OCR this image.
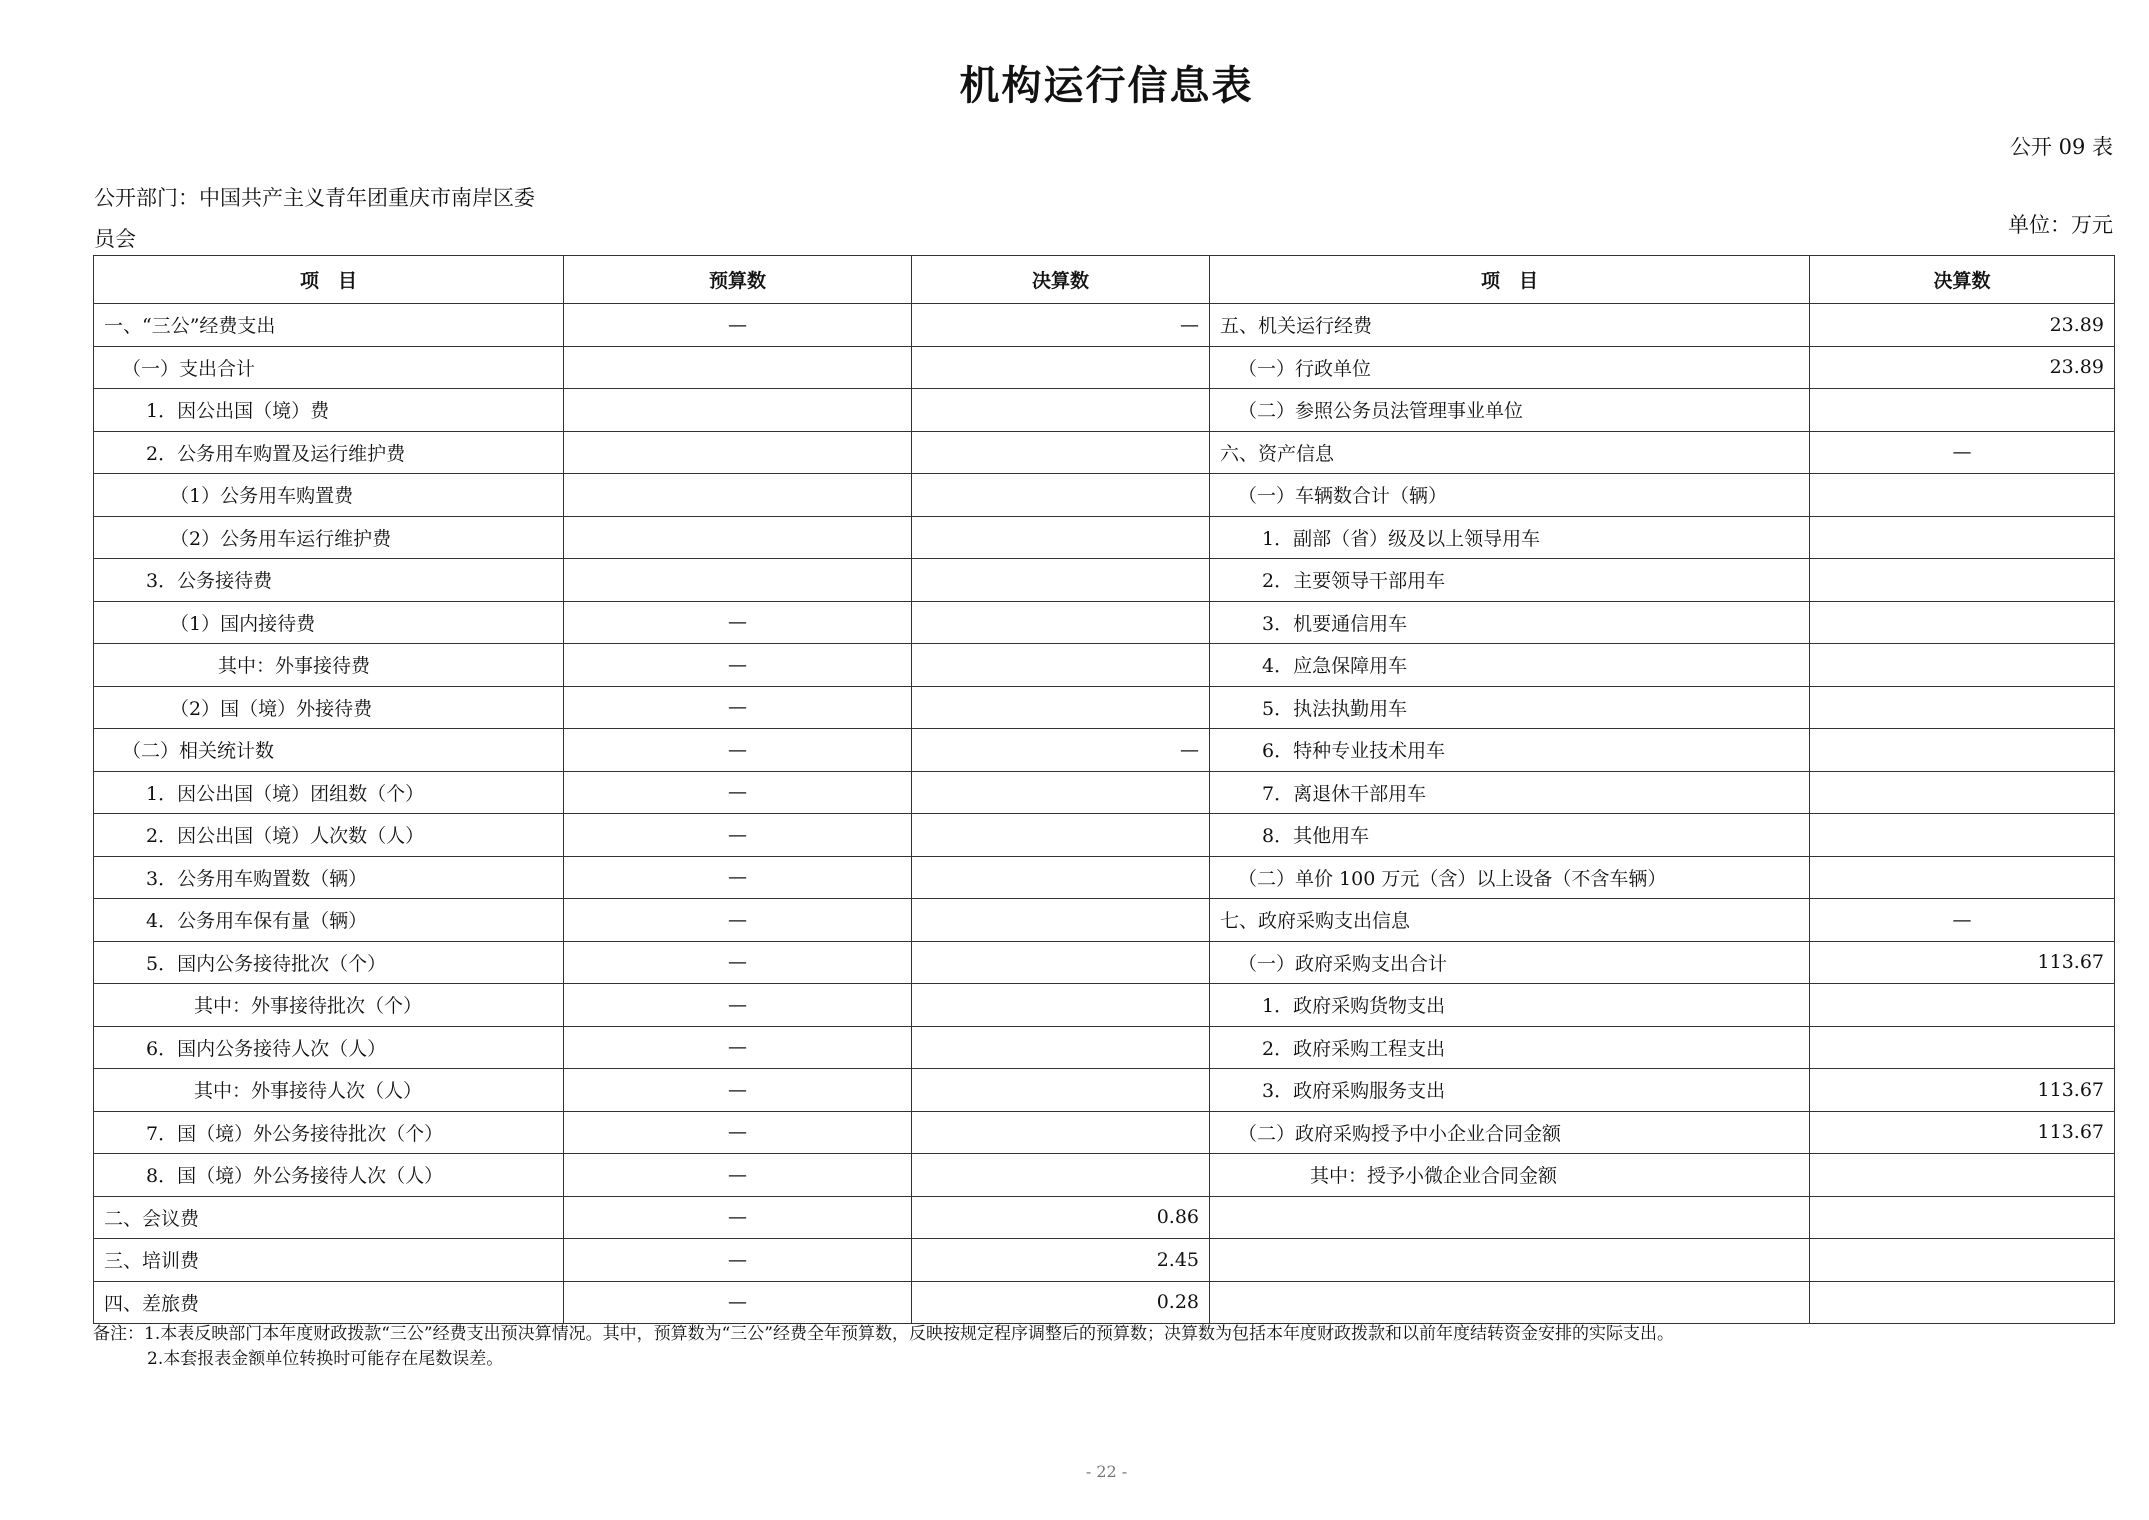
机构运行信息表
公开 09 表
公开部门：中国共产主义青年团重庆市南岸区委
员会
单位：万元
项　目	预算数	决算数	项　目	决算数
一、“三公”经费支出	—	—	五、机关运行经费	23.89
（一）支出合计			（一）行政单位	23.89
1．因公出国（境）费			（二）参照公务员法管理事业单位	
2．公务用车购置及运行维护费			六、资产信息	—
（1）公务用车购置费			（一）车辆数合计（辆）	
（2）公务用车运行维护费			1．副部（省）级及以上领导用车	
3．公务接待费			2．主要领导干部用车	
（1）国内接待费	—		3．机要通信用车	
其中：外事接待费	—		4．应急保障用车	
（2）国（境）外接待费	—		5．执法执勤用车	
（二）相关统计数	—	—	6．特种专业技术用车	
1．因公出国（境）团组数（个）	—		7．离退休干部用车	
2．因公出国（境）人次数（人）	—		8．其他用车	
3．公务用车购置数（辆）	—		（二）单价 100 万元（含）以上设备（不含车辆）	
4．公务用车保有量（辆）	—		七、政府采购支出信息	—
5．国内公务接待批次（个）	—		（一）政府采购支出合计	113.67
其中：外事接待批次（个）	—		1．政府采购货物支出	
6．国内公务接待人次（人）	—		2．政府采购工程支出	
其中：外事接待人次（人）	—		3．政府采购服务支出	113.67
7．国（境）外公务接待批次（个）	—		（二）政府采购授予中小企业合同金额	113.67
8．国（境）外公务接待人次（人）	—		其中：授予小微企业合同金额	
二、会议费	—	0.86		
三、培训费	—	2.45		
四、差旅费	—	0.28		
备注：1.本表反映部门本年度财政拨款“三公”经费支出预决算情况。其中，预算数为“三公”经费全年预算数，反映按规定程序调整后的预算数；决算数为包括本年度财政拨款和以前年度结转资金安排的实际支出。
2.本套报表金额单位转换时可能存在尾数误差。
- 22 -
